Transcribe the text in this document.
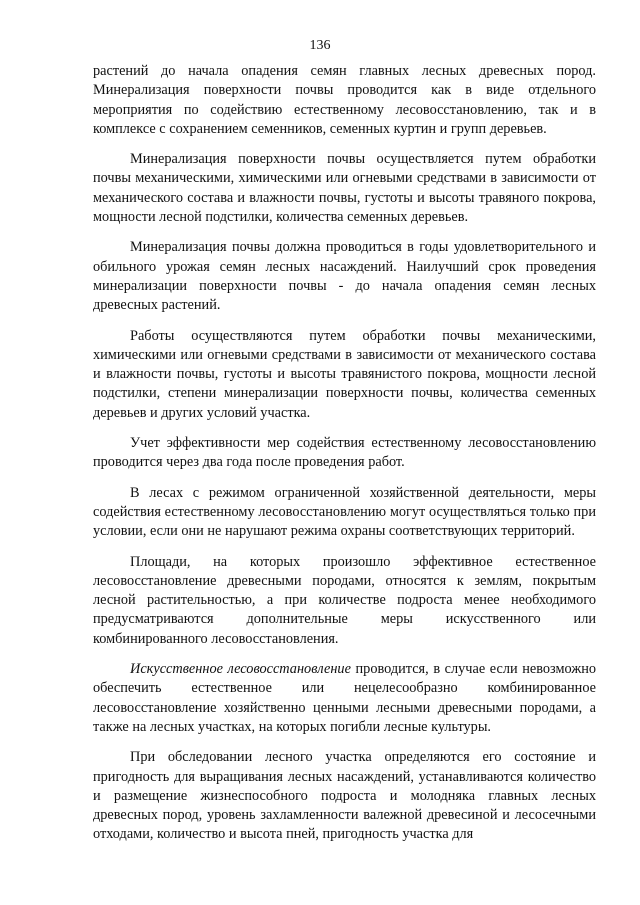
136

растений до начала опадения семян главных лесных древесных пород. Минерализация поверхности почвы проводится как в виде отдельного мероприятия по содействию естественному лесовосстановлению, так и в комплексе с сохранением семенников, семенных куртин и групп деревьев.

Минерализация поверхности почвы осуществляется путем обработки почвы механическими, химическими или огневыми средствами в зависимости от механического состава и влажности почвы, густоты и высоты травяного покрова, мощности лесной подстилки, количества семенных деревьев.

Минерализация почвы должна проводиться в годы удовлетворительного и обильного урожая семян лесных насаждений. Наилучший срок проведения минерализации поверхности почвы - до начала опадения семян лесных древесных растений.

Работы осуществляются путем обработки почвы механическими, химическими или огневыми средствами в зависимости от механического состава и влажности почвы, густоты и высоты травянистого покрова, мощности лесной подстилки, степени минерализации поверхности почвы, количества семенных деревьев и других условий участка.

Учет эффективности мер содействия естественному лесовосстановлению проводится через два года после проведения работ.

В лесах с режимом ограниченной хозяйственной деятельности, меры содействия естественному лесовосстановлению могут осуществляться только при условии, если они не нарушают режима охраны соответствующих территорий.

Площади, на которых произошло эффективное естественное лесовосстановление древесными породами, относятся к землям, покрытым лесной растительностью, а при количестве подроста менее необходимого предусматриваются дополнительные меры искусственного или комбинированного лесовосстановления.

Искусственное лесовосстановление проводится, в случае если невозможно обеспечить естественное или нецелесообразно комбинированное лесовосстановление хозяйственно ценными лесными древесными породами, а также на лесных участках, на которых погибли лесные культуры.

При обследовании лесного участка определяются его состояние и пригодность для выращивания лесных насаждений, устанавливаются количество и размещение жизнеспособного подроста и молодняка главных лесных древесных пород, уровень захламленности валежной древесиной и лесосечными отходами, количество и высота пней, пригодность участка для
